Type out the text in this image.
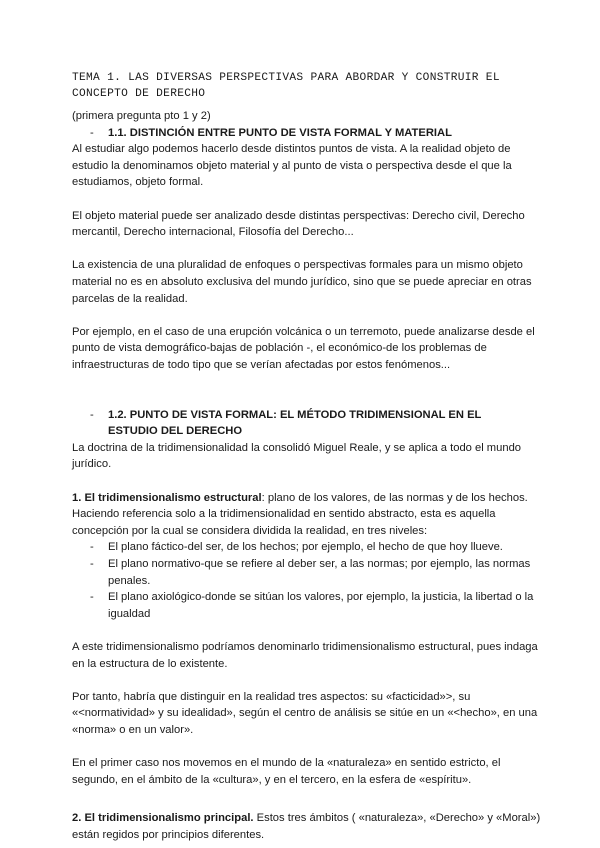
TEMA 1. LAS DIVERSAS PERSPECTIVAS PARA ABORDAR Y CONSTRUIR EL
CONCEPTO DE DERECHO

(primera pregunta pto 1 y 2)

-	1.1. DISTINCIÓN ENTRE PUNTO DE VISTA FORMAL Y MATERIAL

Al estudiar algo podemos hacerlo desde distintos puntos de vista. A la realidad objeto de estudio la denominamos objeto material y al punto de vista o perspectiva desde el que la estudiamos, objeto formal.

El objeto material puede ser analizado desde distintas perspectivas: Derecho civil, Derecho mercantil, Derecho internacional, Filosofía del Derecho...

La existencia de una pluralidad de enfoques o perspectivas formales para un mismo objeto material no es en absoluto exclusiva del mundo jurídico, sino que se puede apreciar en otras parcelas de la realidad.

Por ejemplo, en el caso de una erupción volcánica o un terremoto, puede analizarse desde el punto de vista demográfico-bajas de población -, el económico-de los problemas de infraestructuras de todo tipo que se verían afectadas por estos fenómenos...

-	1.2. PUNTO DE VISTA FORMAL: EL MÉTODO TRIDIMENSIONAL EN EL
ESTUDIO DEL DERECHO

La doctrina de la tridimensionalidad la consolidó Miguel Reale, y se aplica a todo el mundo jurídico.

1. El tridimensionalismo estructural: plano de los valores, de las normas y de los hechos. Haciendo referencia solo a la tridimensionalidad en sentido abstracto, esta es aquella concepción por la cual se considera dividida la realidad, en tres niveles:

-	El plano fáctico-del ser, de los hechos; por ejemplo, el hecho de que hoy llueve.
-	El plano normativo-que se refiere al deber ser, a las normas; por ejemplo, las normas penales.
-	El plano axiológico-donde se sitúan los valores, por ejemplo, la justicia, la libertad o la igualdad

A este tridimensionalismo podríamos denominarlo tridimensionalismo estructural, pues indaga en la estructura de lo existente.

Por tanto, habría que distinguir en la realidad tres aspectos: su «facticidad»>, su «<normatividad» y su idealidad», según el centro de análisis se sitúe en un «<hecho», en una «norma» o en un valor».

En el primer caso nos movemos en el mundo de la «naturaleza» en sentido estricto, el segundo, en el ámbito de la «cultura», y en el tercero, en la esfera de «espíritu».

2. El tridimensionalismo principal. Estos tres ámbitos ( «naturaleza», «Derecho» y «Moral») están regidos por principios diferentes.
